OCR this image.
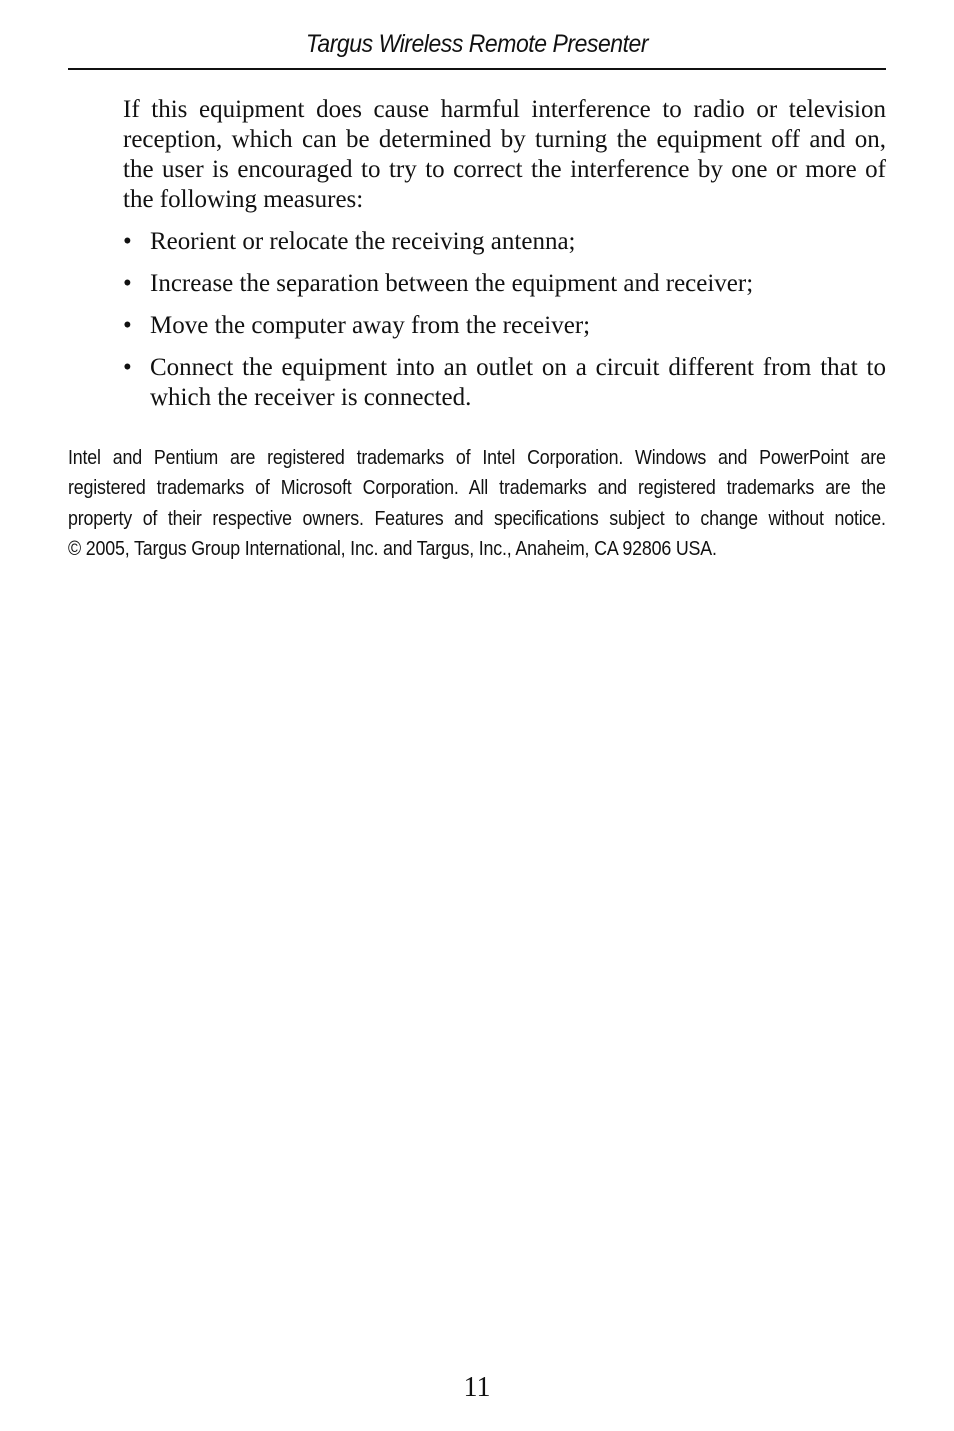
Targus Wireless Remote Presenter

If this equipment does cause harmful interference to radio or television reception, which can be determined by turning the equipment off and on, the user is encouraged to try to correct the interference by one or more of the following measures:

• Reorient or relocate the receiving antenna;
• Increase the separation between the equipment and receiver;
• Move the computer away from the receiver;
• Connect the equipment into an outlet on a circuit different from that to which the receiver is connected.
Intel and Pentium are registered trademarks of Intel Corporation. Windows and PowerPoint are
registered trademarks of Microsoft Corporation. All trademarks and registered trademarks are the
property of their respective owners. Features and specifications subject to change without notice.
© 2005, Targus Group International, Inc. and Targus, Inc., Anaheim, CA 92806 USA.
11
